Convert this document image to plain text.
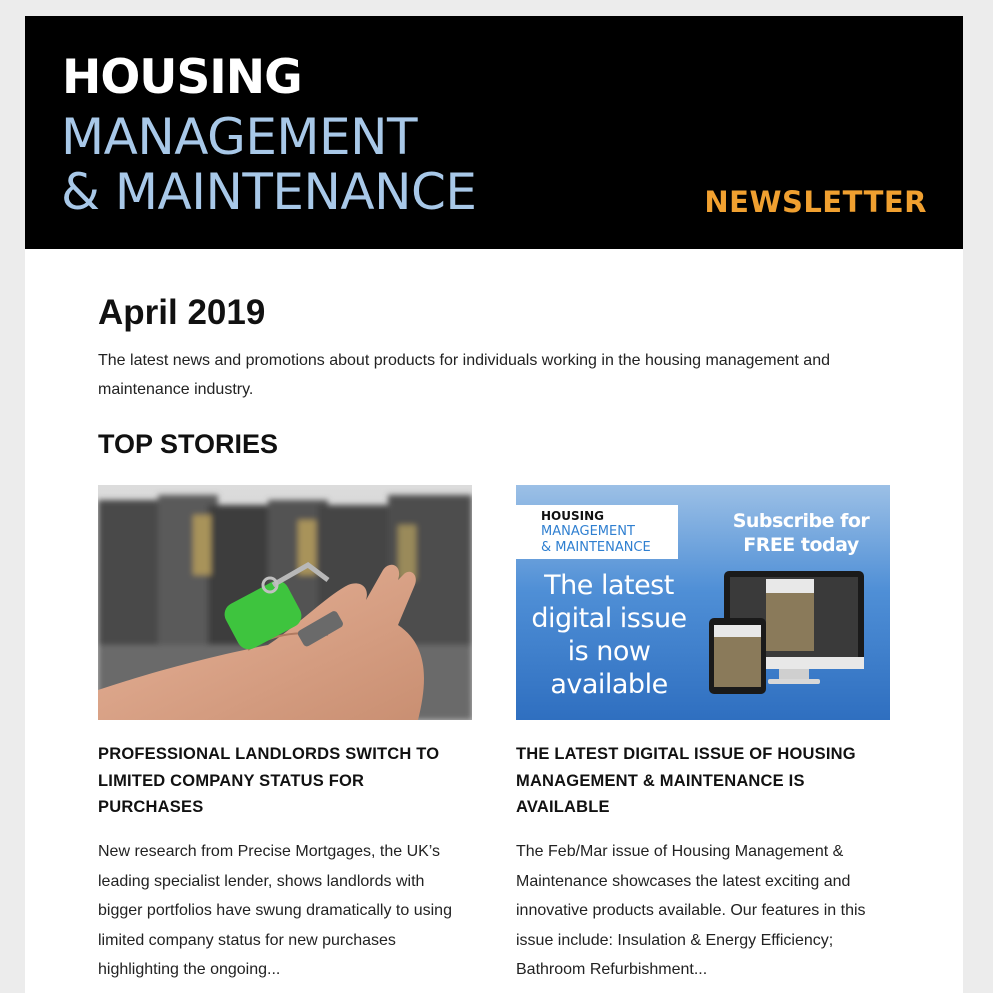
HOUSING
MANAGEMENT
& MAINTENANCE	NEWSLETTER
April 2019
The latest news and promotions about products for individuals working in the housing management and maintenance industry.
TOP STORIES
PROFESSIONAL LANDLORDS SWITCH TO LIMITED COMPANY STATUS FOR PURCHASES
New research from Precise Mortgages, the UK’s leading specialist lender, shows landlords with bigger portfolios have swung dramatically to using limited company status for new purchases highlighting the ongoing...
HOUSING
MANAGEMENT
& MAINTENANCE
The latest
digital issue
is now
available
Subscribe for
FREE today
THE LATEST DIGITAL ISSUE OF HOUSING MANAGEMENT & MAINTENANCE IS AVAILABLE
The Feb/Mar issue of Housing Management & Maintenance showcases the latest exciting and innovative products available. Our features in this issue include: Insulation & Energy Efficiency; Bathroom Refurbishment...
